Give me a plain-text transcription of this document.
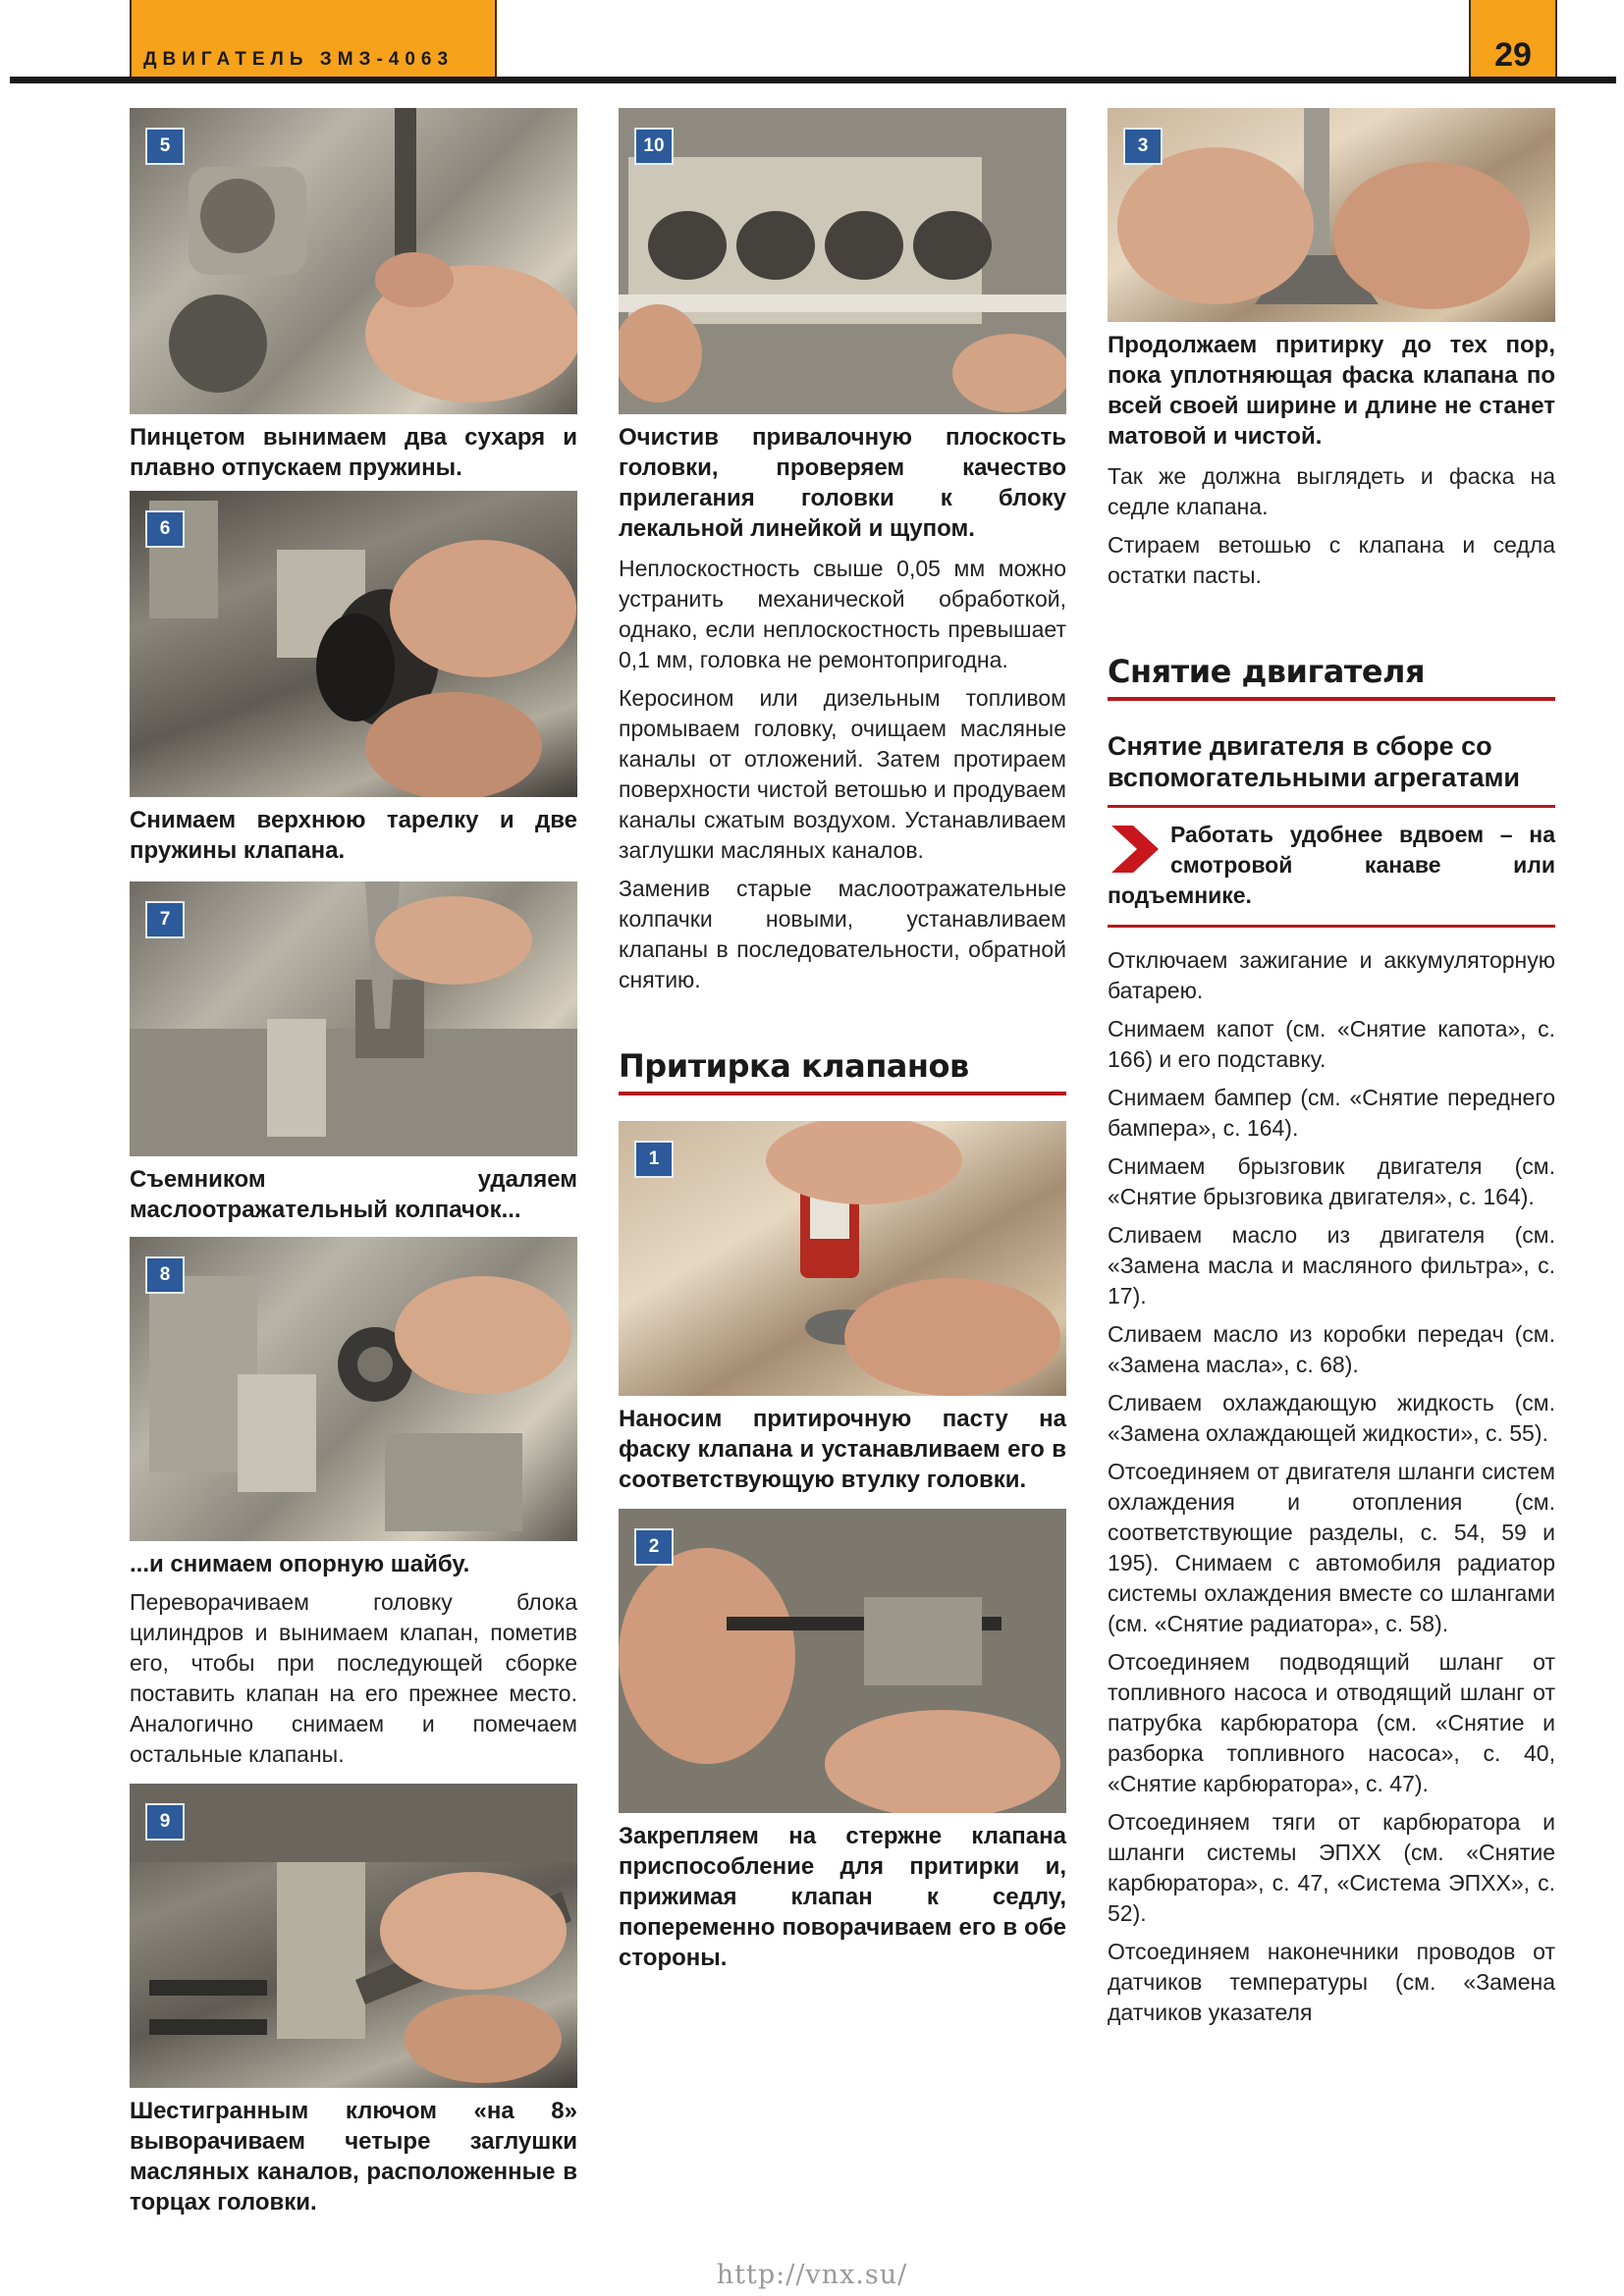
ДВИГАТЕЛЬ ЗМЗ-4063	29
5

Пинцетом вынимаем два сухаря и плавно отпускаем пружины.

6

Снимаем верхнюю тарелку и две пружины клапана.

7

Съемником удаляем маслоотражательный колпачок...

8

...и снимаем опорную шайбу.

Переворачиваем головку блока цилиндров и вынимаем клапан, пометив его, чтобы при последующей сборке поставить клапан на его прежнее место. Аналогично снимаем и помечаем остальные клапаны.

9

Шестигранным ключом «на 8» выворачиваем четыре заглушки масляных каналов, расположенные в торцах головки.

10

Очистив привалочную плоскость головки, проверяем качество прилегания головки к блоку лекальной линейкой и щупом.

Неплоскостность свыше 0,05 мм можно устранить механической обработкой, однако, если неплоскостность превышает 0,1 мм, головка не ремонтопригодна.

Керосином или дизельным топливом промываем головку, очищаем масляные каналы от отложений. Затем протираем поверхности чистой ветошью и продуваем каналы сжатым воздухом. Устанавливаем заглушки масляных каналов.

Заменив старые маслоотражательные колпачки новыми, устанавливаем клапаны в последовательности, обратной снятию.

Притирка клапанов
1

Наносим притирочную пасту на фаску клапана и устанавливаем его в соответствующую втулку головки.

2

Закрепляем на стержне клапана приспособление для притирки и, прижимая клапан к седлу, попеременно поворачиваем его в обе стороны.

3

Продолжаем притирку до тех пор, пока уплотняющая фаска клапана по всей своей ширине и длине не станет матовой и чистой.

Так же должна выглядеть и фаска на седле клапана.

Стираем ветошью с клапана и седла остатки пасты.

Снятие двигателя
Снятие двигателя в сборе со вспомогательными агрегатами
Работать удобнее вдвоем – на смотровой канаве или подъемнике.

Отключаем зажигание и аккумуляторную батарею.

Снимаем капот (см. «Снятие капота», с. 166) и его подставку.

Снимаем бампер (см. «Снятие переднего бампера», с. 164).

Снимаем брызговик двигателя (см. «Снятие брызговика двигателя», с. 164).

Сливаем масло из двигателя (см. «Замена масла и масляного фильтра», с. 17).

Сливаем масло из коробки передач (см. «Замена масла», с. 68).

Сливаем охлаждающую жидкость (см. «Замена охлаждающей жидкости», с. 55).

Отсоединяем от двигателя шланги систем охлаждения и отопления (см. соответствующие разделы, с. 54, 59 и 195). Снимаем с автомобиля радиатор системы охлаждения вместе со шлангами (см. «Снятие радиатора», с. 58).

Отсоединяем подводящий шланг от топливного насоса и отводящий шланг от патрубка карбюратора (см. «Снятие и разборка топливного насоса», с. 40, «Снятие карбюратора», с. 47).

Отсоединяем тяги от карбюратора и шланги системы ЭПХХ (см. «Снятие карбюратора», с. 47, «Система ЭПХХ», с. 52).

Отсоединяем наконечники проводов от датчиков температуры (см. «Замена датчиков указателя

http://vnx.su/
